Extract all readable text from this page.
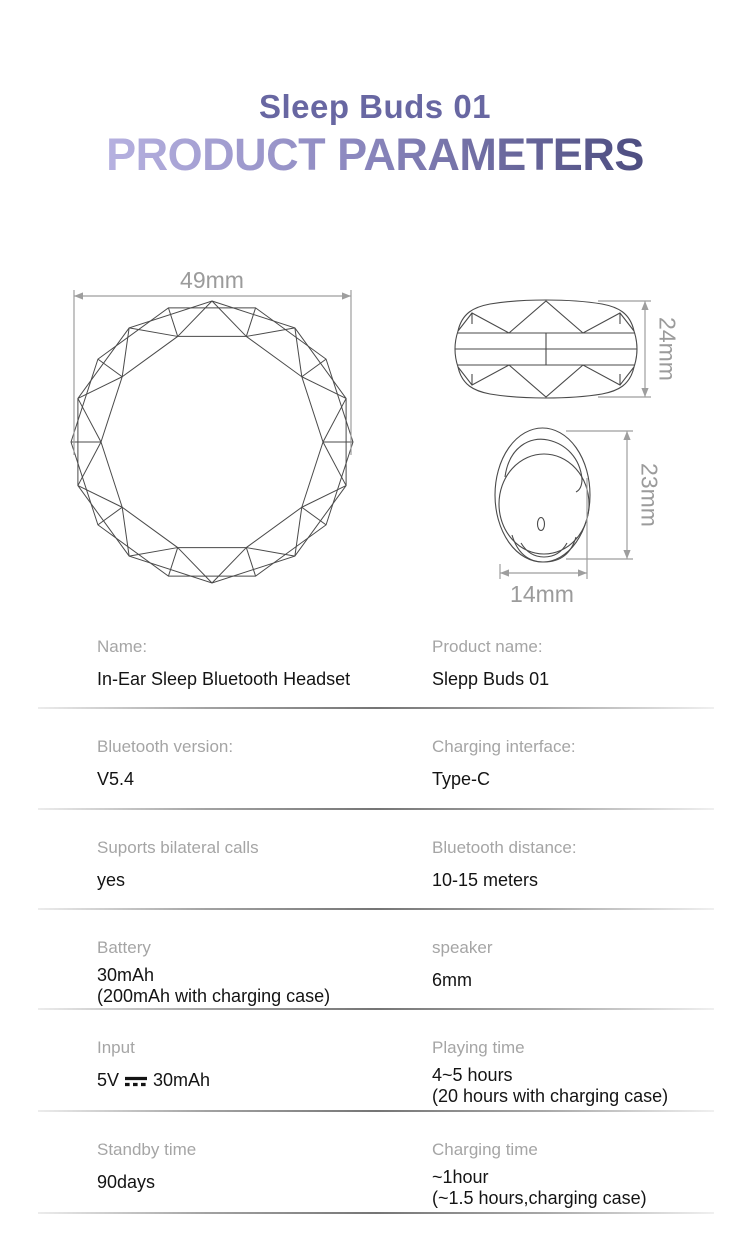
Sleep Buds 01
PRODUCT PARAMETERS
49mm
24mm
23mm
14mm
Name:
In-Ear Sleep Bluetooth Headset
Product name:
Slepp Buds 01
Bluetooth version:
V5.4
Charging interface:
Type-C
Suports bilateral calls
yes
Bluetooth distance:
10-15 meters
Battery
30mAh
(200mAh with charging case)
speaker
6mm
Input
5V 30mAh
Playing time
4~5 hours
(20 hours with charging case)
Standby time
90days
Charging time
~1hour
(~1.5 hours,charging case)
